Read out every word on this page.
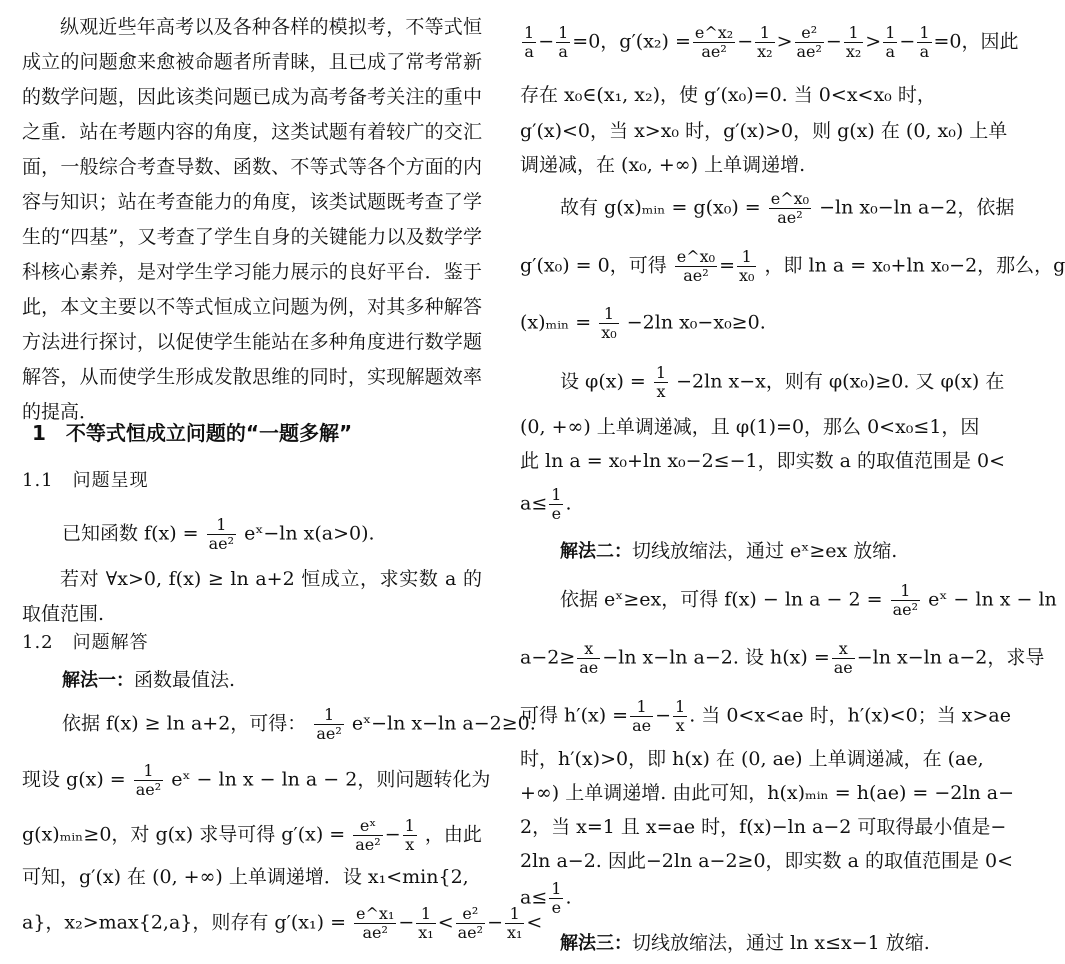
纵观近些年高考以及各种各样的模拟考，不等式恒成立的问题愈来愈被命题者所青睐，且已成了常考常新的数学问题，因此该类问题已成为高考备考关注的重中之重．站在考题内容的角度，这类试题有着较广的交汇面，一般综合考查导数、函数、不等式等各个方面的内容与知识；站在考查能力的角度，该类试题既考查了学生的“四基”，又考查了学生自身的关键能力以及数学学科核心素养，是对学生学习能力展示的良好平台．鉴于此，本文主要以不等式恒成立问题为例，对其多种解答方法进行探讨，以促使学生能站在多种角度进行数学题解答，从而使学生形成发散思维的同时，实现解题效率的提高．
1　不等式恒成立问题的“一题多解”
1.1　问题呈现
已知函数 $f(x) = \frac{1}{\text{ae²}}$ eˣ−ln x(a>0).
若对 ∀x>0, f(x) ≥ ln a+2 恒成立，求实数 a 的取值范围.
1.2　问题解答
解法一：函数最值法.
依据 f(x) ≥ ln a+2，可得： $\frac{1}{\text{ae²}}$ eˣ−ln x−ln a−2≥0.
现设 $g(x) = \frac{1}{\text{ae²}}$ eˣ − ln x − ln a − 2，则问题转化为
g(x)ₘᵢₙ≥0，对 g(x) 求导可得 $g'(x) = \frac{\text{eˣ}}{\text{ae²}} - \frac{1}{x}$ ，由此
可知，g′(x) 在 (0, +∞) 上单调递增．设 x₁<min{2,
a}，x₂>max{2,a}，则存有 $g'(x_1) = \frac{\text{e\textasciicircum{}x₁}}{\text{ae²}} - \frac{1}{\text{x₁}} < \frac{\text{e²}}{\text{ae²}} - \frac{1}{\text{x₁}}$ <
$\frac{1}{a} - \frac{1}{a} =0$，$g'(x_2) = \frac{\text{e\textasciicircum{}x₂}}{\text{ae²}} - \frac{1}{\text{x₂}} > \frac{\text{e²}}{\text{ae²}} - \frac{1}{\text{x₂}} > \frac{1}{a} - \frac{1}{a} =0$，因此
存在 x₀∈(x₁, x₂)，使 g′(x₀)=0. 当 0<x<x₀ 时，
g′(x)<0，当 x>x₀ 时，g′(x)>0，则 g(x) 在 (0, x₀) 上单
调递减，在 (x₀, +∞) 上单调递增.
故有 g(x)ₘᵢₙ = $g(x_0) = \frac{\text{e\textasciicircum{}x₀}}{\text{ae²}} -\ln$ x₀−ln a−2，依据
g′(x₀) = 0，可得 $\frac{\text{e\textasciicircum{}x₀}}{\text{ae²}} = \frac{1}{\text{x₀}}$ ，即 ln a = x₀+ln x₀−2，那么，g
(x)ₘᵢₙ = $\frac{1}{\text{x₀}} -2\ln$ x₀−x₀≥0.
设 $\varphi(x) = \frac{1}{x} -2\ln$ x−x，则有 φ(x₀)≥0. 又 φ(x) 在
(0, +∞) 上单调递减，且 φ(1)=0，那么 0<x₀≤1，因
此 ln a = x₀+ln x₀−2≤−1，即实数 a 的取值范围是 0<
$a\le \frac{1}{e}$ .
解法二：切线放缩法，通过 eˣ≥ex 放缩.
依据 eˣ≥ex，可得 $f(x) - \ln a - 2 = \frac{1}{\text{ae²}}$ eˣ − ln x − ln
$a-2\ge \frac{x}{ae} -\ln$ x−ln a−2. 设 $h(x) = \frac{x}{ae} -\ln$ x−ln a−2，求导
可得 $h'(x) = \frac{1}{ae} - \frac{1}{x}$ . 当 0<x<ae 时，h′(x)<0；当 x>ae
时，h′(x)>0，即 h(x) 在 (0, ae) 上单调递减，在 (ae,
+∞) 上单调递增. 由此可知，h(x)ₘᵢₙ = h(ae) = −2ln a−
2，当 x=1 且 x=ae 时，f(x)−ln a−2 可取得最小值是−
2ln a−2. 因此−2ln a−2≥0，即实数 a 的取值范围是 0<
$a\le \frac{1}{e}$ .
解法三：切线放缩法，通过 ln x≤x−1 放缩.
